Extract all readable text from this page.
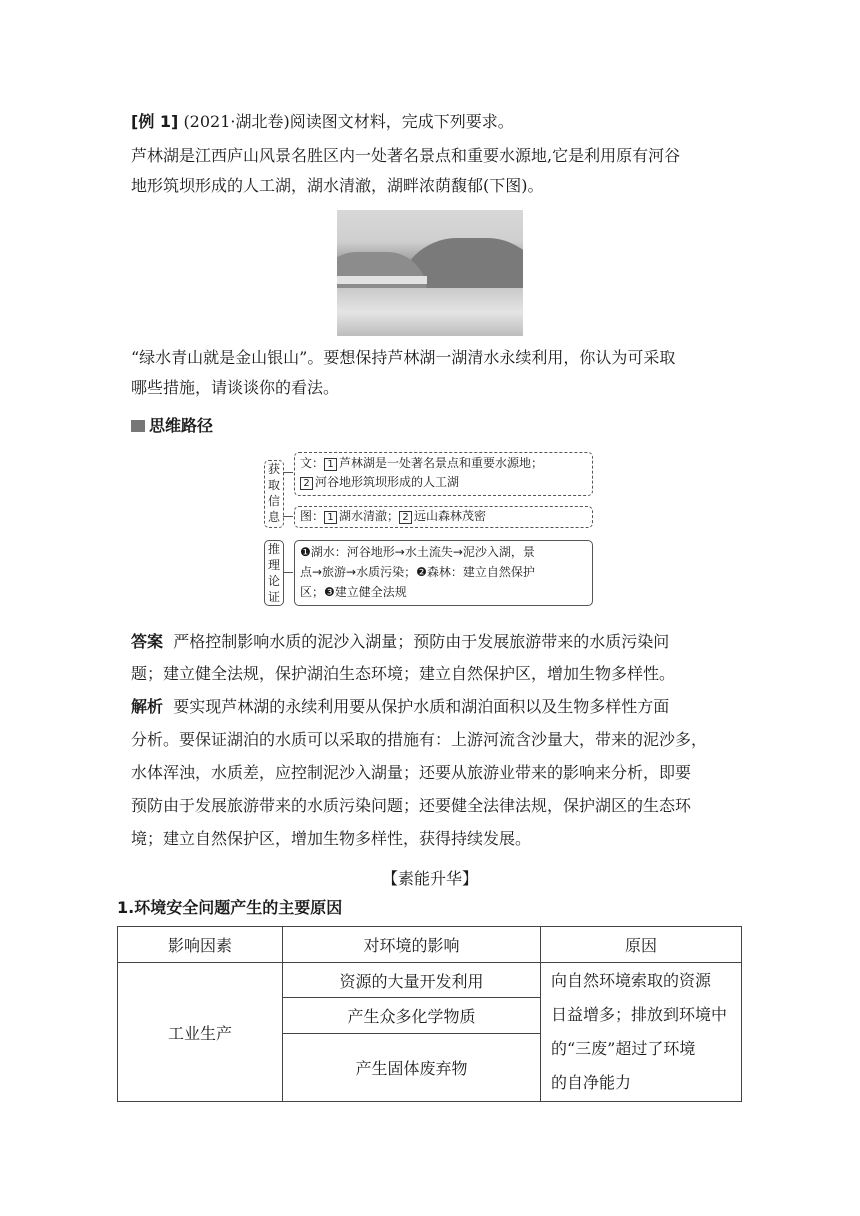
[例 1] (2021·湖北卷)阅读图文材料，完成下列要求。
芦林湖是江西庐山风景名胜区内一处著名景点和重要水源地,它是利用原有河谷
地形筑坝形成的人工湖，湖水清澈，湖畔浓荫馥郁(下图)。
“绿水青山就是金山银山”。要想保持芦林湖一湖清水永续利用，你认为可采取
哪些措施，请谈谈你的看法。
思维路径
获取信息
文： 1 芦林湖是一处著名景点和重要水源地；
2 河谷地形筑坝形成的人工湖
图： 1 湖水清澈； 2 远山森林茂密
推理论证
❶湖水：河谷地形→水土流失→泥沙入湖，景
点→旅游→水质污染；❷森林：建立自然保护
区；❸建立健全法规
答案 严格控制影响水质的泥沙入湖量；预防由于发展旅游带来的水质污染问
题；建立健全法规，保护湖泊生态环境；建立自然保护区，增加生物多样性。
解析 要实现芦林湖的永续利用要从保护水质和湖泊面积以及生物多样性方面
分析。要保证湖泊的水质可以采取的措施有：上游河流含沙量大，带来的泥沙多，
水体浑浊，水质差，应控制泥沙入湖量；还要从旅游业带来的影响来分析，即要
预防由于发展旅游带来的水质污染问题；还要健全法律法规，保护湖区的生态环
境；建立自然保护区，增加生物多样性，获得持续发展。
【素能升华】
1.环境安全问题产生的主要原因
影响因素	对环境的影响	原因
工业生产	资源的大量开发利用	向自然环境索取的资源
日益增多；排放到环境中
的“三废”超过了环境
的自净能力

	产生众多化学物质	
	产生固体废弃物	
